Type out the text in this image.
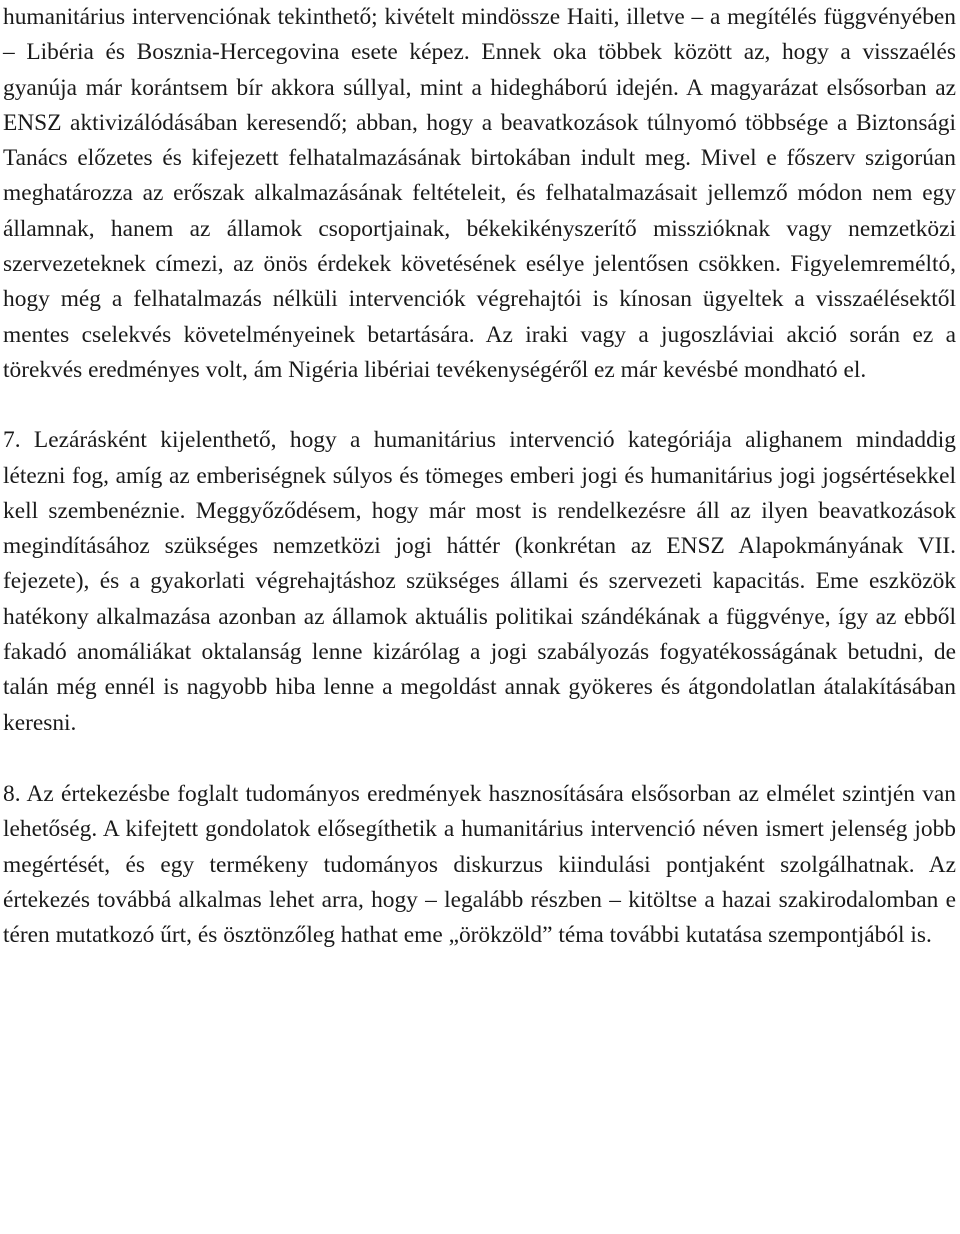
humanitárius intervenciónak tekinthető; kivételt mindössze Haiti, illetve – a megítélés függvényében – Libéria és Bosznia-Hercegovina esete képez. Ennek oka többek között az, hogy a visszaélés gyanúja már korántsem bír akkora súllyal, mint a hidegháború idején. A magyarázat elsősorban az ENSZ aktivizálódásában keresendő; abban, hogy a beavatkozások túlnyomó többsége a Biztonsági Tanács előzetes és kifejezett felhatalmazásának birtokában indult meg. Mivel e főszerv szigorúan meghatározza az erőszak alkalmazásának feltételeit, és felhatalmazásait jellemző módon nem egy államnak, hanem az államok csoportjainak, békekikényszerítő misszióknak vagy nemzetközi szervezeteknek címezi, az önös érdekek követésének esélye jelentősen csökken. Figyelemreméltó, hogy még a felhatalmazás nélküli intervenciók végrehajtói is kínosan ügyeltek a visszaélésektől mentes cselekvés követelményeinek betartására. Az iraki vagy a jugoszláviai akció során ez a törekvés eredményes volt, ám Nigéria libériai tevékenységéről ez már kevésbé mondható el.

7. Lezárásként kijelenthető, hogy a humanitárius intervenció kategóriája alighanem mindaddig létezni fog, amíg az emberiségnek súlyos és tömeges emberi jogi és humanitárius jogi jogsértésekkel kell szembenéznie. Meggyőződésem, hogy már most is rendelkezésre áll az ilyen beavatkozások megindításához szükséges nemzetközi jogi háttér (konkrétan az ENSZ Alapokmányának VII. fejezete), és a gyakorlati végrehajtáshoz szükséges állami és szervezeti kapacitás. Eme eszközök hatékony alkalmazása azonban az államok aktuális politikai szándékának a függvénye, így az ebből fakadó anomáliákat oktalanság lenne kizárólag a jogi szabályozás fogyatékosságának betudni, de talán még ennél is nagyobb hiba lenne a megoldást annak gyökeres és átgondolatlan átalakításában keresni.

8. Az értekezésbe foglalt tudományos eredmények hasznosítására elsősorban az elmélet szintjén van lehetőség. A kifejtett gondolatok elősegíthetik a humanitárius intervenció néven ismert jelenség jobb megértését, és egy termékeny tudományos diskurzus kiindulási pontjaként szolgálhatnak. Az értekezés továbbá alkalmas lehet arra, hogy – legalább részben – kitöltse a hazai szakirodalomban e téren mutatkozó űrt, és ösztönzőleg hathat eme „örökzöld” téma további kutatása szempontjából is.
